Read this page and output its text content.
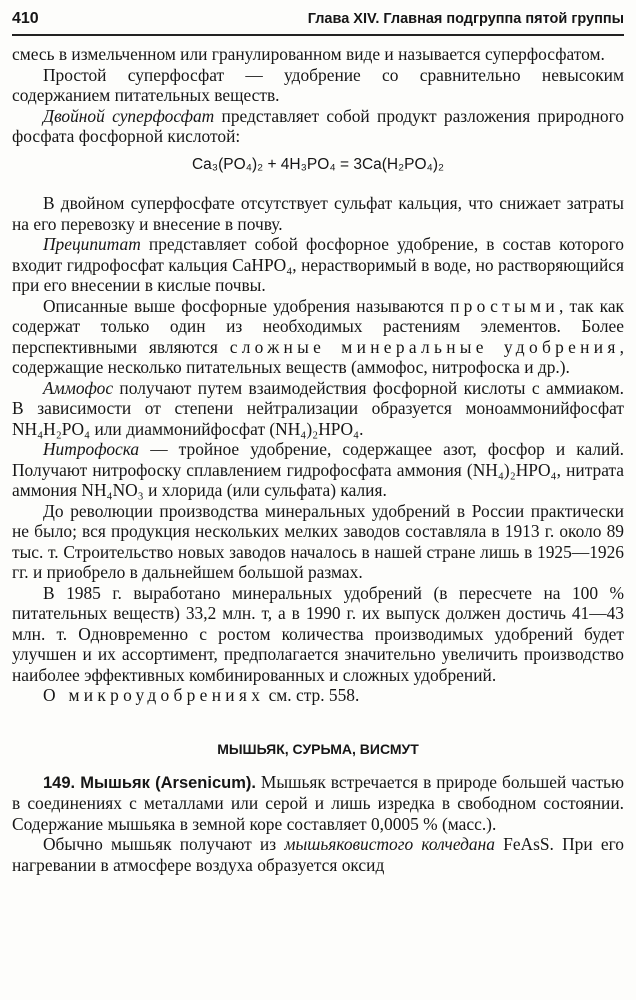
410	Глава XIV. Главная подгруппа пятой группы

смесь в измельченном или гранулированном виде и называется суперфосфатом.

Простой суперфосфат — удобрение со сравнительно невысоким содержанием питательных веществ.

Двойной суперфосфат представляет собой продукт разложения природного фосфата фосфорной кислотой:

Ca₃(PO₄)₂ + 4H₃PO₄ = 3Ca(H₂PO₄)₂

В двойном суперфосфате отсутствует сульфат кальция, что снижает затраты на его перевозку и внесение в почву.

Преципитат представляет собой фосфорное удобрение, в состав которого входит гидрофосфат кальция CaHPO₄, нерастворимый в воде, но растворяющийся при его внесении в кислые почвы.

Описанные выше фосфорные удобрения называются простыми, так как содержат только один из необходимых растениям элементов. Более перспективными являются сложные минеральные удобрения, содержащие несколько питательных веществ (аммофос, нитрофоска и др.).

Аммофос получают путем взаимодействия фосфорной кислоты с аммиаком. В зависимости от степени нейтрализации образуется моноаммонийфосфат NH₄H₂PO₄ или диаммонийфосфат (NH₄)₂HPO₄.

Нитрофоска — тройное удобрение, содержащее азот, фосфор и калий. Получают нитрофоску сплавлением гидрофосфата аммония (NH₄)₂HPO₄, нитрата аммония NH₄NO₃ и хлорида (или сульфата) калия.

До революции производства минеральных удобрений в России практически не было; вся продукция нескольких мелких заводов составляла в 1913 г. около 89 тыс. т. Строительство новых заводов началось в нашей стране лишь в 1925—1926 гг. и приобрело в дальнейшем большой размах.

В 1985 г. выработано минеральных удобрений (в пересчете на 100 % питательных веществ) 33,2 млн. т, а в 1990 г. их выпуск должен достичь 41—43 млн. т. Одновременно с ростом количества производимых удобрений будет улучшен и их ассортимент, предполагается значительно увеличить производство наиболее эффективных комбинированных и сложных удобрений.

О микроудобрениях см. стр. 558.

МЫШЬЯК, СУРЬМА, ВИСМУТ

149. Мышьяк (Arsenicum). Мышьяк встречается в природе большей частью в соединениях с металлами или серой и лишь изредка в свободном состоянии. Содержание мышьяка в земной коре составляет 0,0005 % (масс.).

Обычно мышьяк получают из мышьяковистого колчедана FeAsS. При его нагревании в атмосфере воздуха образуется оксид
